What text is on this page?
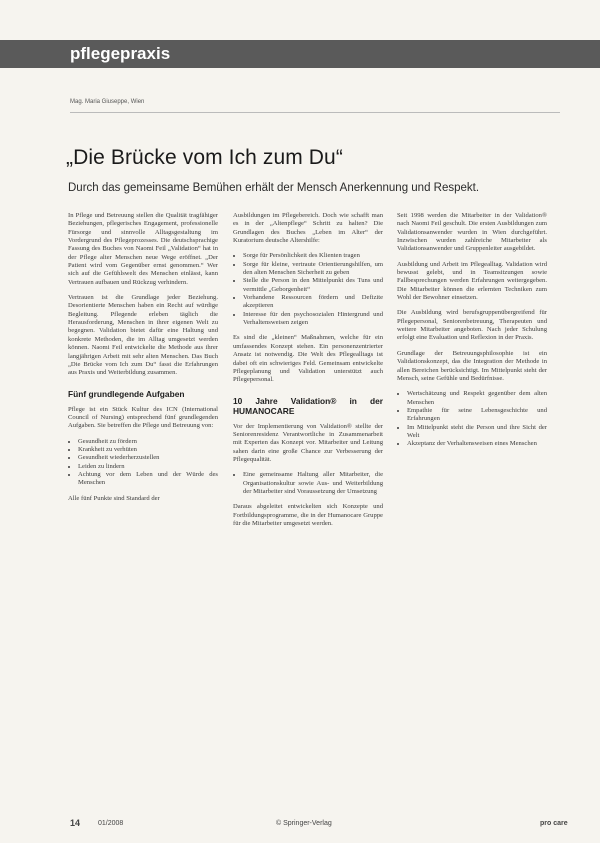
pflegepraxis
Mag. Maria Giuseppe, Wien
„Die Brücke vom Ich zum Du“
Durch das gemeinsame Bemühen erhält der Mensch Anerkennung und Respekt.

In Pflege und Betreuung stellen die Qualität tragfähiger Beziehungen, pflegerisches Engagement, professionelle Fürsorge und sinnvolle Alltagsgestaltung im Vordergrund des Pflegeprozesses. Die deutschsprachige Fassung des Buches von Naomi Feil „Validation“ hat in der Pflege alter Menschen neue Wege eröffnet. „Der Patient wird vom Gegenüber ernst genommen.“ Wer sich auf die Gefühlswelt des Menschen einlässt, kann Vertrauen aufbauen und Rückzug verhindern.

Vertrauen ist die Grundlage jeder Beziehung. Desorientierte Menschen haben ein Recht auf würdige Begleitung. Pflegende erleben täglich die Herausforderung, Menschen in ihrer eigenen Welt zu begegnen. Validation bietet dafür eine Haltung und konkrete Methoden, die im Alltag umgesetzt werden können. Naomi Feil entwickelte die Methode aus ihrer langjährigen Arbeit mit sehr alten Menschen. Das Buch „Die Brücke vom Ich zum Du“ fasst die Erfahrungen aus Praxis und Weiterbildung zusammen.

Fünf grundlegende Aufgaben

Pflege ist ein Stück Kultur des ICN (International Council of Nursing) entsprechend fünf grundlegenden Aufgaben. Sie betreffen die Pflege und Betreuung von:

• Gesundheit zu fördern
• Krankheit zu verhüten
• Gesundheit wiederherzustellen
• Leiden zu lindern
• Achtung vor dem Leben und der Würde des Menschen

Alle fünf Punkte sind Standard der

Ausbildungen im Pflegebereich. Doch wie schafft man es in der „Altenpflege“ Schritt zu halten? Die Grundlagen des Buches „Leben im Alter“ der Kuratorium deutsche Altershilfe:

• Sorge für Persönlichkeit des Klienten tragen
• Sorge für kleine, vertraute Orientierungshilfen, um den alten Menschen Sicherheit zu geben
• Stelle die Person in den Mittelpunkt des Tuns und vermittle „Geborgenheit“
• Vorhandene Ressourcen fördern und Defizite akzeptieren
• Interesse für den psychosozialen Hintergrund und Verhaltensweisen zeigen

Es sind die „kleinen“ Maßnahmen, welche für ein umfassendes Konzept stehen. Ein personenzentrierter Ansatz ist notwendig. Die Welt des Pflegealltags ist dabei oft ein schwieriges Feld. Gemeinsam entwickelte Pflegeplanung und Validation unterstützt auch Pflegepersonal.

10 Jahre Validation® in der HUMANOCARE

Vor der Implementierung von Validation® stellte der Seniorenresidenz Verantwortliche in Zusammenarbeit mit Experten das Konzept vor. Mitarbeiter und Leitung sahen darin eine große Chance zur Verbesserung der Pflegequalität.

• Eine gemeinsame Haltung aller Mitarbeiter, die Organisationskultur sowie Aus- und Weiterbildung der Mitarbeiter sind Voraussetzung der Umsetzung

Daraus abgeleitet entwickelten sich Konzepte und Fortbildungsprogramme, die in der Humanocare Gruppe für die Mitarbeiter umgesetzt werden.

Seit 1998 werden die Mitarbeiter in der Validation® nach Naomi Feil geschult. Die ersten Ausbildungen zum Validationsanwender wurden in Wien durchgeführt. Inzwischen wurden zahlreiche Mitarbeiter als Validationsanwender und Gruppenleiter ausgebildet.

Ausbildung und Arbeit im Pflegealltag. Validation wird bewusst gelebt, und in Teamsitzungen sowie Fallbesprechungen werden Erfahrungen weitergegeben. Die Mitarbeiter können die erlernten Techniken zum Wohl der Bewohner einsetzen.

Die Ausbildung wird berufsgruppenübergreifend für Pflegepersonal, Seniorenbetreuung, Therapeuten und weitere Mitarbeiter angeboten. Nach jeder Schulung erfolgt eine Evaluation und Reflexion in der Praxis.

Grundlage der Betreuungsphilosophie ist ein Validationskonzept, das die Integration der Methode in allen Bereichen berücksichtigt. Im Mittelpunkt steht der Mensch, seine Gefühle und Bedürfnisse.

• Wertschätzung und Respekt gegenüber dem alten Menschen
• Empathie für seine Lebensgeschichte und Erfahrungen
• Im Mittelpunkt steht die Person und ihre Sicht der Welt
• Akzeptanz der Verhaltensweisen eines Menschen
14	01/2008	© Springer-Verlag	pro care
